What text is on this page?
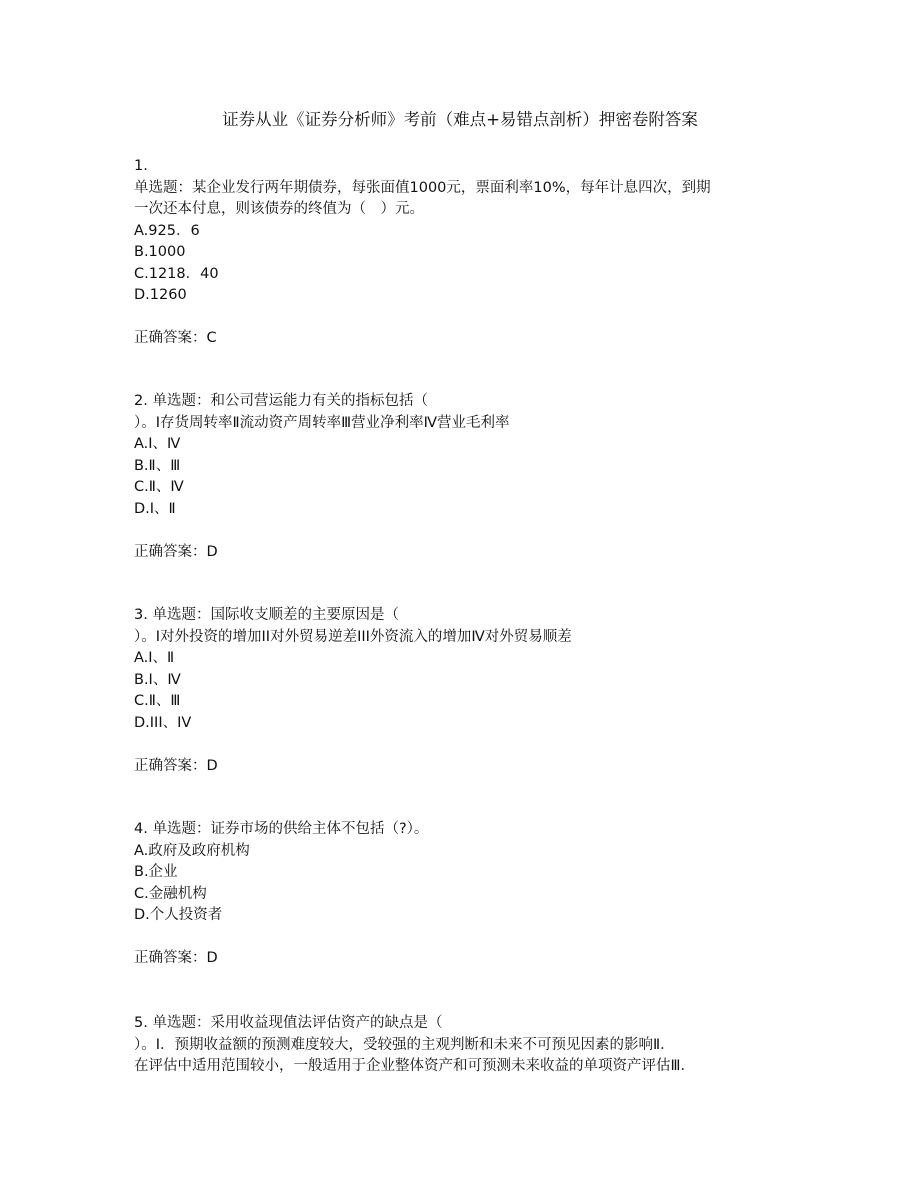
证券从业《证券分析师》考前（难点+易错点剖析）押密卷附答案
1.
单选题：某企业发行两年期债券，每张面值1000元，票面利率10%，每年计息四次，到期
一次还本付息，则该债券的终值为（　）元。
A.925．6
B.1000
C.1218．40
D.1260
正确答案：C
2. 单选题：和公司营运能力有关的指标包括（
）。Ⅰ存货周转率Ⅱ流动资产周转率Ⅲ营业净利率Ⅳ营业毛利率
A.Ⅰ、Ⅳ
B.Ⅱ、Ⅲ
C.Ⅱ、Ⅳ
D.Ⅰ、Ⅱ
正确答案：D
3. 单选题：国际收支顺差的主要原因是（
）。I对外投资的增加II对外贸易逆差III外资流入的增加Ⅳ对外贸易顺差
A.I、Ⅱ
B.I、Ⅳ
C.Ⅱ、Ⅲ
D.III、IV
正确答案：D
4. 单选题：证券市场的供给主体不包括（?）。
A.政府及政府机构
B.企业
C.金融机构
D.个人投资者
正确答案：D
5. 单选题：采用收益现值法评估资产的缺点是（
）。Ⅰ．预期收益额的预测难度较大，受较强的主观判断和未来不可预见因素的影响Ⅱ．
在评估中适用范围较小，一般适用于企业整体资产和可预测未来收益的单项资产评估Ⅲ．
